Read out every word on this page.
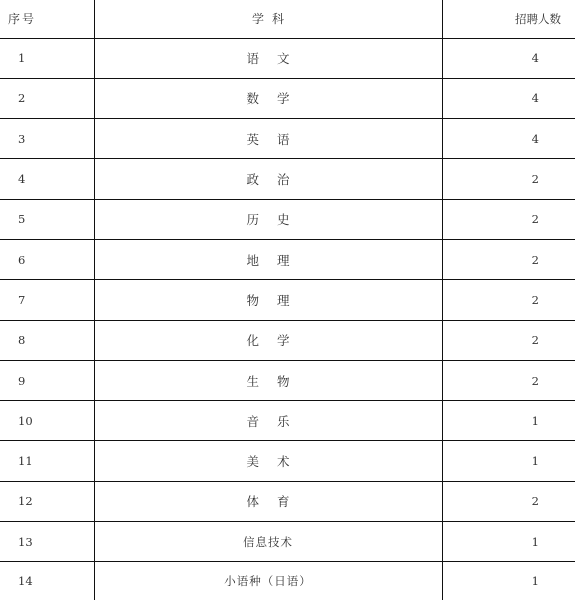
序号	学科	招聘人数
1	语文	4
2	数学	4
3	英语	4
4	政治	2
5	历史	2
6	地理	2
7	物理	2
8	化学	2
9	生物	2
10	音乐	1
11	美术	1
12	体育	2
13	信息技术	1
14	小语种（日语）	1
